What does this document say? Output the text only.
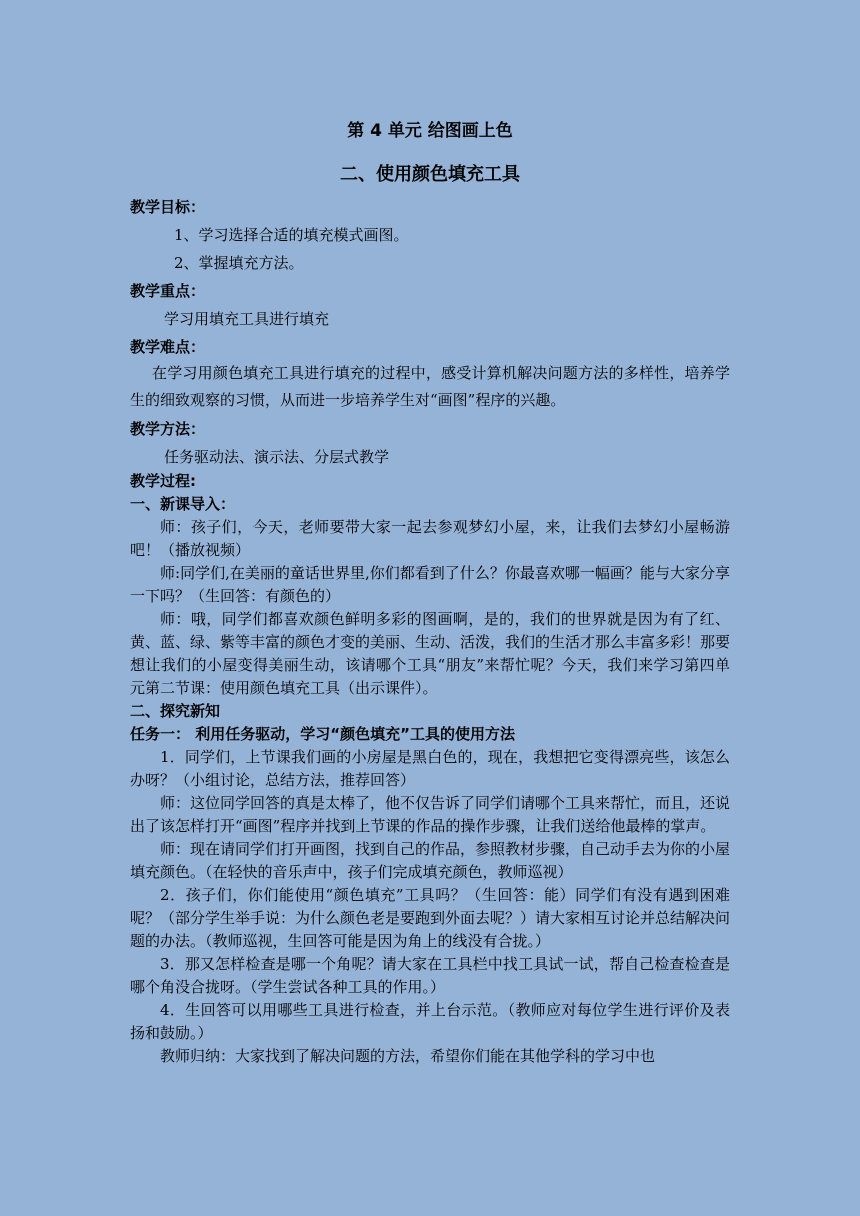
第 4 单元 给图画上色
二、使用颜色填充工具

教学目标：

1、学习选择合适的填充模式画图。

2、掌握填充方法。

教学重点：

学习用填充工具进行填充

教学难点：

在学习用颜色填充工具进行填充的过程中，感受计算机解决问题方法的多样性，培养学生的细致观察的习惯，从而进一步培养学生对“画图”程序的兴趣。

教学方法：

任务驱动法、演示法、分层式教学

教学过程:

一、新课导入：

师：孩子们，今天，老师要带大家一起去参观梦幻小屋，来，让我们去梦幻小屋畅游吧！（播放视频）

师:同学们,在美丽的童话世界里,你们都看到了什么？你最喜欢哪一幅画？能与大家分享一下吗？（生回答：有颜色的）

师：哦，同学们都喜欢颜色鲜明多彩的图画啊，是的，我们的世界就是因为有了红、黄、蓝、绿、紫等丰富的颜色才变的美丽、生动、活泼，我们的生活才那么丰富多彩！那要想让我们的小屋变得美丽生动，该请哪个工具“朋友”来帮忙呢？今天，我们来学习第四单元第二节课：使用颜色填充工具（出示课件）。

二、探究新知

任务一： 利用任务驱动，学习“颜色填充”工具的使用方法

1．同学们，上节课我们画的小房屋是黑白色的，现在，我想把它变得漂亮些，该怎么办呀？（小组讨论，总结方法，推荐回答）

师：这位同学回答的真是太棒了，他不仅告诉了同学们请哪个工具来帮忙，而且，还说出了该怎样打开“画图”程序并找到上节课的作品的操作步骤，让我们送给他最棒的掌声。

师：现在请同学们打开画图，找到自己的作品，参照教材步骤，自己动手去为你的小屋填充颜色。（在轻快的音乐声中，孩子们完成填充颜色，教师巡视）

2．孩子们，你们能使用“颜色填充”工具吗？（生回答：能）同学们有没有遇到困难呢？（部分学生举手说：为什么颜色老是要跑到外面去呢？）请大家相互讨论并总结解决问题的办法。（教师巡视，生回答可能是因为角上的线没有合拢。）

3．那又怎样检查是哪一个角呢？请大家在工具栏中找工具试一试，帮自己检查检查是哪个角没合拢呀。（学生尝试各种工具的作用。）

4．生回答可以用哪些工具进行检查，并上台示范。（教师应对每位学生进行评价及表扬和鼓励。）

教师归纳：大家找到了解决问题的方法，希望你们能在其他学科的学习中也
